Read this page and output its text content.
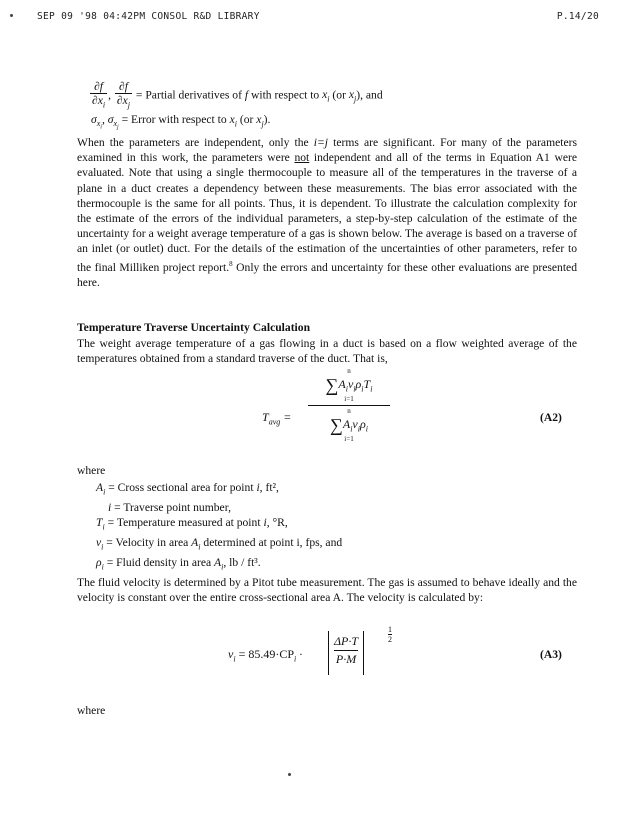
SEP 09 '98 04:42PM CONSOL R&D LIBRARY	P.14/20
$\frac{\partial f}{\partial x_i}$ , $\frac{\partial f}{\partial x_j}$ = Partial derivatives of f with respect to $x_i$ (or $x_j$), and
$\sigma_{x_i}$, $\sigma_{x_j}$ = Error with respect to $x_i$ (or $x_j$).
When the parameters are independent, only the i=j terms are significant. For many of the parameters examined in this work, the parameters were not independent and all of the terms in Equation A1 were evaluated. Note that using a single thermocouple to measure all of the temperatures in the traverse of a plane in a duct creates a dependency between these measurements. The bias error associated with the thermocouple is the same for all points. Thus, it is dependent. To illustrate the calculation complexity for the estimate of the errors of the individual parameters, a step-by-step calculation of the estimate of the uncertainty for a weight average temperature of a gas is shown below. The average is based on a traverse of an inlet (or outlet) duct. For the details of the estimation of the uncertainties of other parameters, refer to the final Milliken project report.$^8$ Only the errors and uncertainty for these other evaluations are presented here.
Temperature Traverse Uncertainty Calculation
The weight average temperature of a gas flowing in a duct is based on a flow weighted average of the temperatures obtained from a standard traverse of the duct. That is,
$T_{avg}$ =
n
∑ $A_iv_i\rho_iT_i$
i=1
n
∑ $A_iv_i\rho_i$
i=1
(A2)
where
$A_i$ = Cross sectional area for point i, ft²,
i = Traverse point number,
$T_i$ = Temperature measured at point i, °R,
$v_i$ = Velocity in area $A_i$ determined at point i, fps, and
$\rho_i$ = Fluid density in area $A_i$, lb / ft³.
The fluid velocity is determined by a Pitot tube measurement. The gas is assumed to behave ideally and the velocity is constant over the entire cross-sectional area A. The velocity is calculated by:
$v_i = 85.49\cdot CP_i$ ·
ΔP·T
P·M
1
2
(A3)
where
